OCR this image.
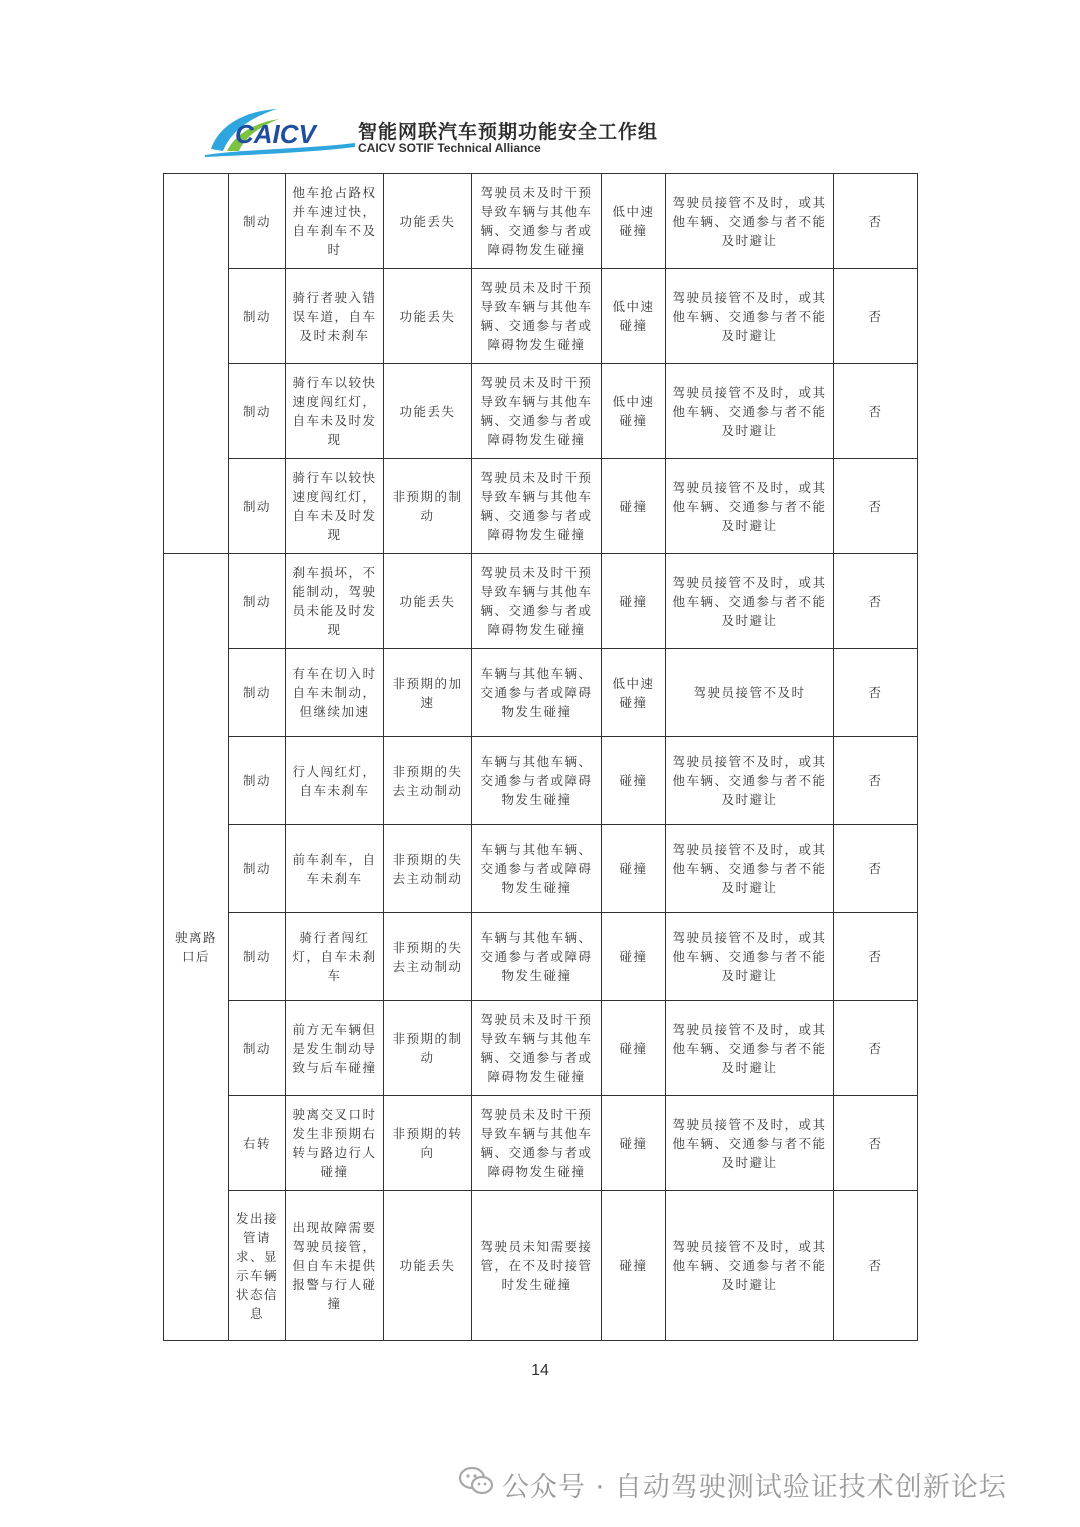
CAICV 智能网联汽车预期功能安全工作组
CAICV SOTIF Technical Alliance
	制动	他车抢占路权并车速过快，自车刹车不及时	功能丢失	驾驶员未及时干预导致车辆与其他车辆、交通参与者或障碍物发生碰撞	低中速碰撞	驾驶员接管不及时，或其他车辆、交通参与者不能及时避让	否
	制动	骑行者驶入错误车道，自车及时未刹车	功能丢失	驾驶员未及时干预导致车辆与其他车辆、交通参与者或障碍物发生碰撞	低中速碰撞	驾驶员接管不及时，或其他车辆、交通参与者不能及时避让	否
	制动	骑行车以较快速度闯红灯，自车未及时发现	功能丢失	驾驶员未及时干预导致车辆与其他车辆、交通参与者或障碍物发生碰撞	低中速碰撞	驾驶员接管不及时，或其他车辆、交通参与者不能及时避让	否
	制动	骑行车以较快速度闯红灯，自车未及时发现	非预期的制动	驾驶员未及时干预导致车辆与其他车辆、交通参与者或障碍物发生碰撞	碰撞	驾驶员接管不及时，或其他车辆、交通参与者不能及时避让	否
驶离路口后	制动	刹车损坏，不能制动，驾驶员未能及时发现	功能丢失	驾驶员未及时干预导致车辆与其他车辆、交通参与者或障碍物发生碰撞	碰撞	驾驶员接管不及时，或其他车辆、交通参与者不能及时避让	否
	制动	有车在切入时自车未制动，但继续加速	非预期的加速	车辆与其他车辆、交通参与者或障碍物发生碰撞	低中速碰撞	驾驶员接管不及时	否
	制动	行人闯红灯，自车未刹车	非预期的失去主动制动	车辆与其他车辆、交通参与者或障碍物发生碰撞	碰撞	驾驶员接管不及时，或其他车辆、交通参与者不能及时避让	否
	制动	前车刹车，自车未刹车	非预期的失去主动制动	车辆与其他车辆、交通参与者或障碍物发生碰撞	碰撞	驾驶员接管不及时，或其他车辆、交通参与者不能及时避让	否
	制动	骑行者闯红灯，自车未刹车	非预期的失去主动制动	车辆与其他车辆、交通参与者或障碍物发生碰撞	碰撞	驾驶员接管不及时，或其他车辆、交通参与者不能及时避让	否
	制动	前方无车辆但是发生制动导致与后车碰撞	非预期的制动	驾驶员未及时干预导致车辆与其他车辆、交通参与者或障碍物发生碰撞	碰撞	驾驶员接管不及时，或其他车辆、交通参与者不能及时避让	否
	右转	驶离交叉口时发生非预期右转与路边行人碰撞	非预期的转向	驾驶员未及时干预导致车辆与其他车辆、交通参与者或障碍物发生碰撞	碰撞	驾驶员接管不及时，或其他车辆、交通参与者不能及时避让	否
	发出接管请求、显示车辆状态信息	出现故障需要驾驶员接管，但自车未提供报警与行人碰撞	功能丢失	驾驶员未知需要接管，在不及时接管时发生碰撞	碰撞	驾驶员接管不及时，或其他车辆、交通参与者不能及时避让	否
14
公众号 · 自动驾驶测试验证技术创新论坛
